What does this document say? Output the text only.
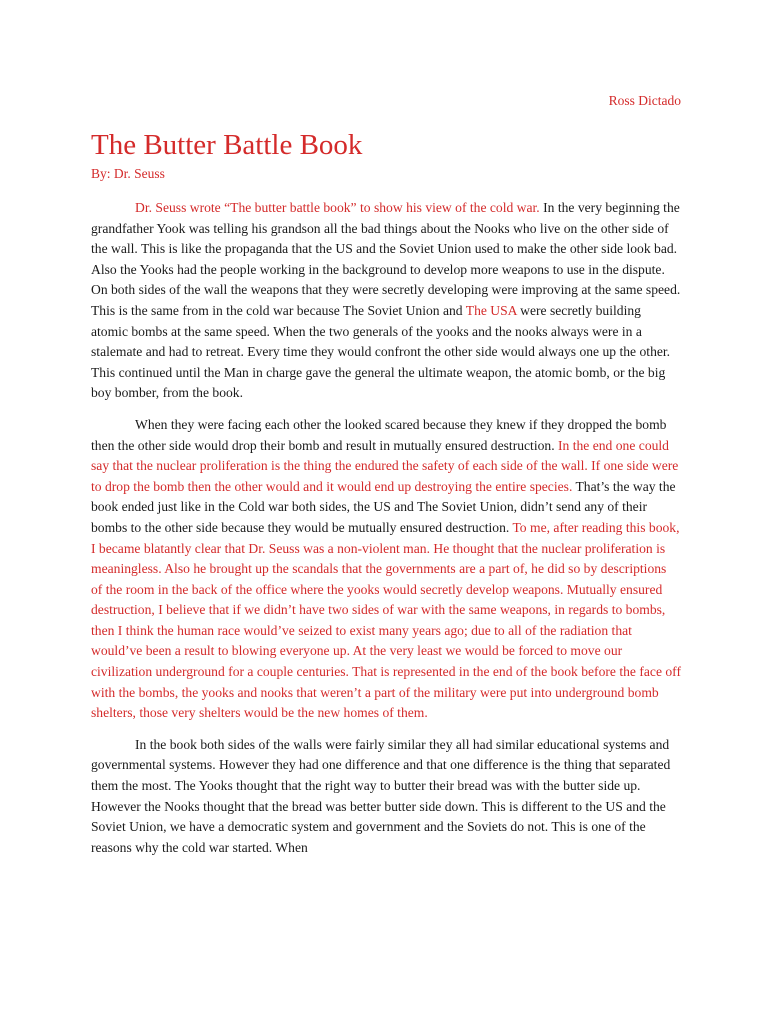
Ross Dictado
The Butter Battle Book
By: Dr. Seuss

Dr. Seuss wrote “The butter battle book” to show his view of the cold war. In the very beginning the grandfather Yook was telling his grandson all the bad things about the Nooks who live on the other side of the wall. This is like the propaganda that the US and the Soviet Union used to make the other side look bad. Also the Yooks had the people working in the background to develop more weapons to use in the dispute. On both sides of the wall the weapons that they were secretly developing were improving at the same speed. This is the same from in the cold war because The Soviet Union and The USA were secretly building atomic bombs at the same speed. When the two generals of the yooks and the nooks always were in a stalemate and had to retreat. Every time they would confront the other side would always one up the other. This continued until the Man in charge gave the general the ultimate weapon, the atomic bomb, or the big boy bomber, from the book.

When they were facing each other the looked scared because they knew if they dropped the bomb then the other side would drop their bomb and result in mutually ensured destruction. In the end one could say that the nuclear proliferation is the thing the endured the safety of each side of the wall. If one side were to drop the bomb then the other would and it would end up destroying the entire species. That’s the way the book ended just like in the Cold war both sides, the US and The Soviet Union, didn’t send any of their bombs to the other side because they would be mutually ensured destruction. To me, after reading this book, I became blatantly clear that Dr. Seuss was a non-violent man. He thought that the nuclear proliferation is meaningless. Also he brought up the scandals that the governments are a part of, he did so by descriptions of the room in the back of the office where the yooks would secretly develop weapons. Mutually ensured destruction, I believe that if we didn’t have two sides of war with the same weapons, in regards to bombs, then I think the human race would’ve seized to exist many years ago; due to all of the radiation that would’ve been a result to blowing everyone up. At the very least we would be forced to move our civilization underground for a couple centuries. That is represented in the end of the book before the face off with the bombs, the yooks and nooks that weren’t a part of the military were put into underground bomb shelters, those very shelters would be the new homes of them.

In the book both sides of the walls were fairly similar they all had similar educational systems and governmental systems. However they had one difference and that one difference is the thing that separated them the most. The Yooks thought that the right way to butter their bread was with the butter side up. However the Nooks thought that the bread was better butter side down. This is different to the US and the Soviet Union, we have a democratic system and government and the Soviets do not. This is one of the reasons why the cold war started. When
